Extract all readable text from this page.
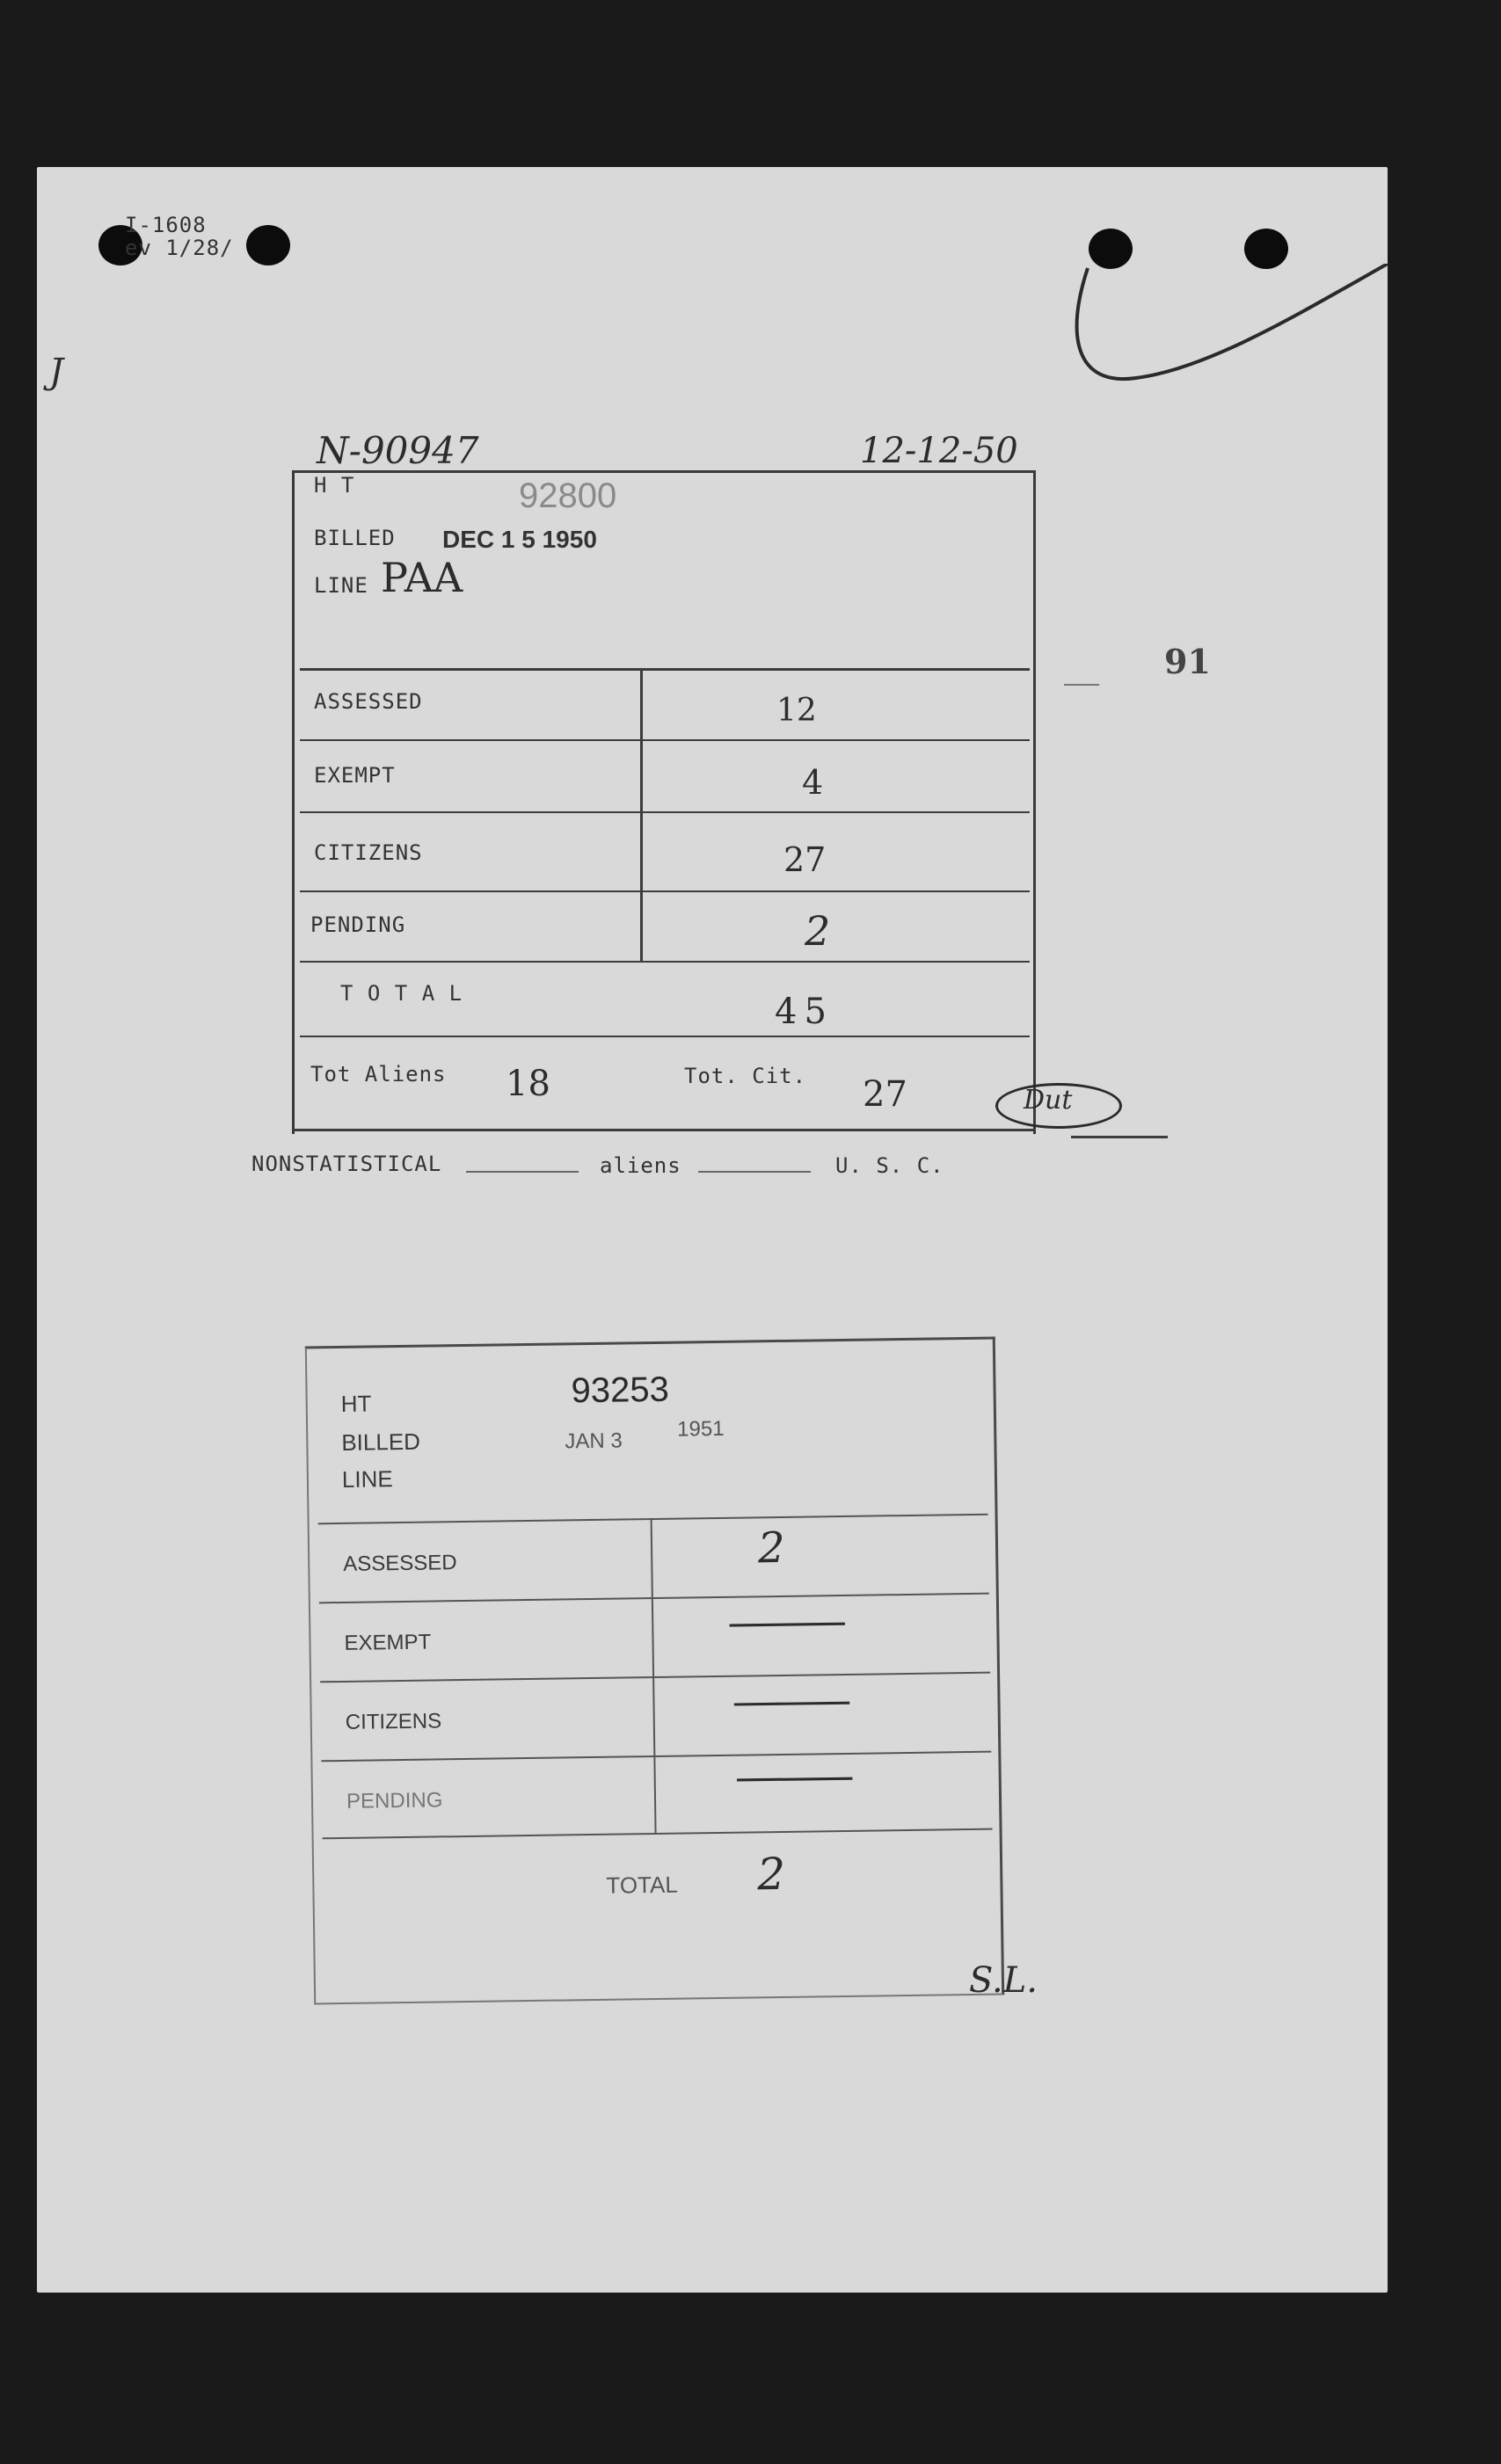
I-1608
ev 1/28/
J
91
N-90947	12-12-50
H T	92800
BILLED DEC 1 5 1950
LINE PAA
ASSESSED	12
EXEMPT	4
CITIZENS	27
PENDING	2
T O T A L	45
Tot Aliens 18	Tot. Cit. 27	Dut
NONSTATISTICAL	aliens	U. S. C.
HT	93253
BILLED	JAN 3	1951
LINE
ASSESSED	2
EXEMPT	—
CITIZENS	—
PENDING	—
TOTAL 2
S.L.
